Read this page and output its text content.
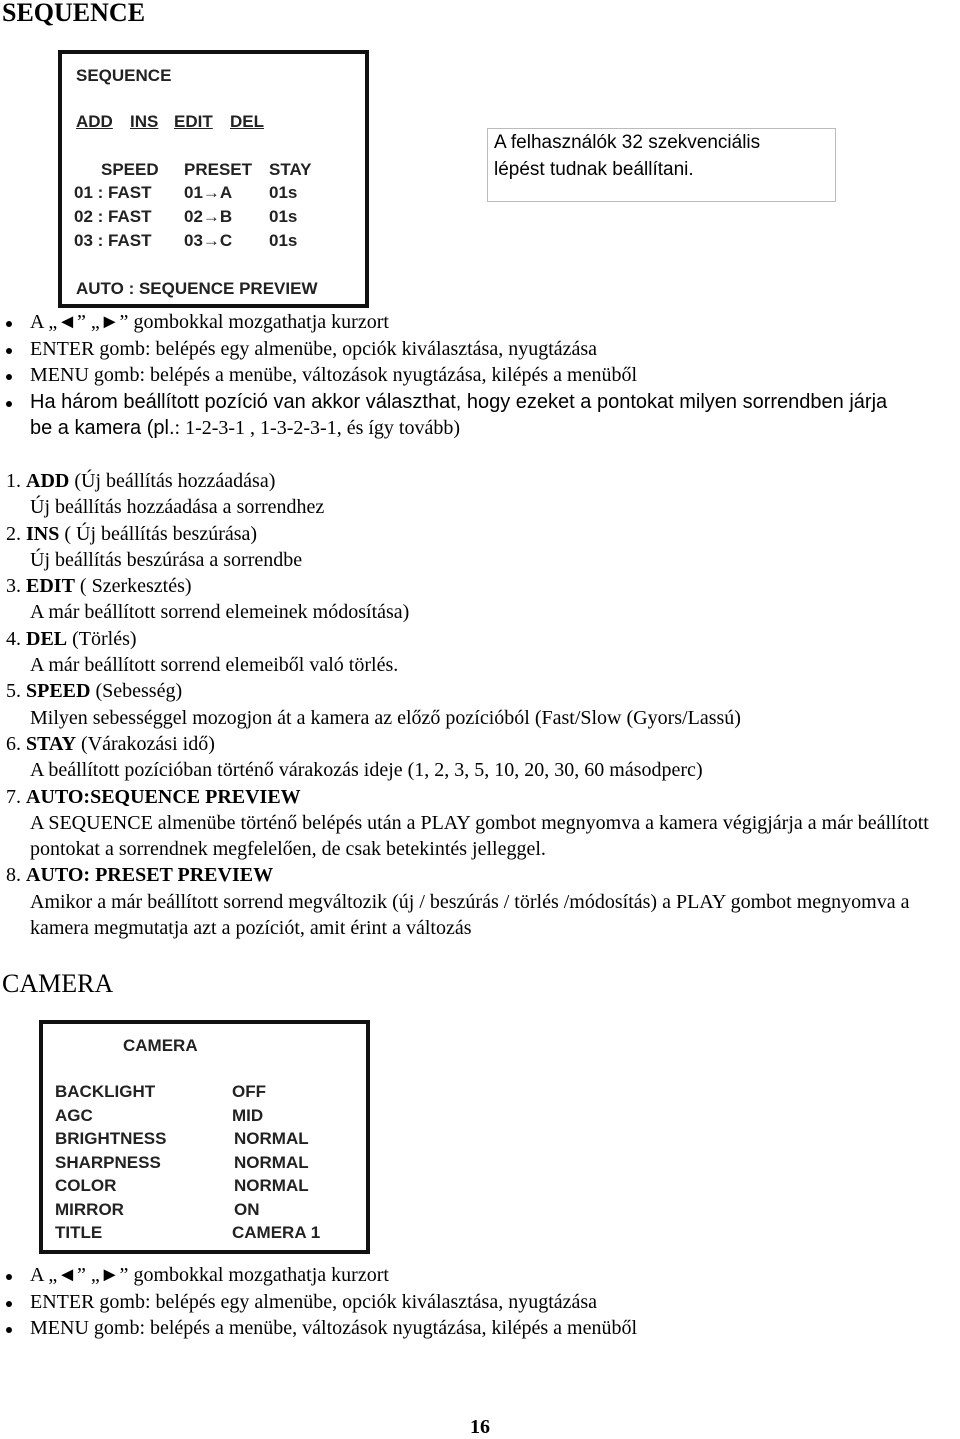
SEQUENCE
SEQUENCE
ADD INS EDIT DEL
SPEED PRESET STAY
01 : FAST 01→A 01s
02 : FAST 02→B 01s
03 : FAST 03→C 01s
AUTO : SEQUENCE PREVIEW
A felhasználók 32 szekvenciális
lépést tudnak beállítani.
A „◄” „►” gombokkal mozgathatja kurzort
ENTER gomb: belépés egy almenübe, opciók kiválasztása, nyugtázása
MENU gomb: belépés a menübe, változások nyugtázása, kilépés a menüből
Ha három beállított pozíció van akkor választhat, hogy ezeket a pontokat milyen sorrendben járja
be a kamera (pl.: 1-2-3-1 , 1-3-2-3-1, és így tovább)
1. ADD (Új beállítás hozzáadása)
Új beállítás hozzáadása a sorrendhez
2. INS ( Új beállítás beszúrása)
Új beállítás beszúrása a sorrendbe
3. EDIT ( Szerkesztés)
A már beállított sorrend elemeinek módosítása)
4. DEL (Törlés)
A már beállított sorrend elemeiből való törlés.
5. SPEED (Sebesség)
Milyen sebességgel mozogjon át a kamera az előző pozícióból (Fast/Slow (Gyors/Lassú)
6. STAY (Várakozási idő)
A beállított pozícióban történő várakozás ideje (1, 2, 3, 5, 10, 20, 30, 60 másodperc)
7. AUTO:SEQUENCE PREVIEW
A SEQUENCE almenübe történő belépés után a PLAY gombot megnyomva a kamera végigjárja a már beállított pontokat a sorrendnek megfelelően, de csak betekintés jelleggel.
8. AUTO: PRESET PREVIEW
Amikor a már beállított sorrend megváltozik (új / beszúrás / törlés /módosítás) a PLAY gombot megnyomva a kamera megmutatja azt a pozíciót, amit érint a változás
CAMERA
CAMERA
BACKLIGHT	OFF
AGC	MID
BRIGHTNESS	NORMAL
SHARPNESS	NORMAL
COLOR	NORMAL
MIRROR	ON
TITLE	CAMERA 1
A „◄” „►” gombokkal mozgathatja kurzort
ENTER gomb: belépés egy almenübe, opciók kiválasztása, nyugtázása
MENU gomb: belépés a menübe, változások nyugtázása, kilépés a menüből
16
